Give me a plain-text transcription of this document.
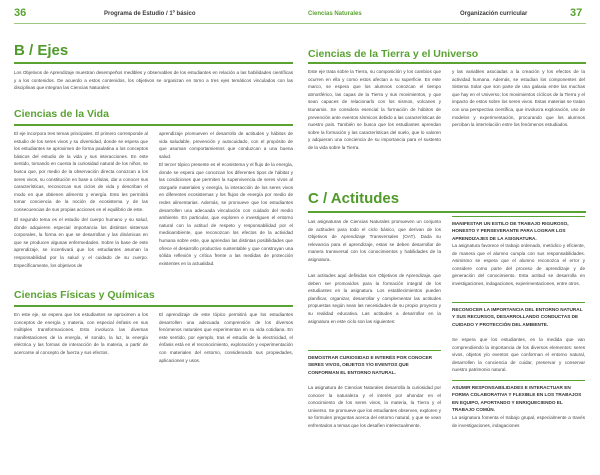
36	Programa de Estudio / 1º básico
B / Ejes

Los Objetivos de Aprendizaje muestran desempeños medibles y observables de los estudiantes en relación a las habilidades científicas y a los contenidos. De acuerdo a estos contenidos, los objetivos se organizan en torno a tres ejes temáticos vinculados con las disciplinas que integran las Ciencias Naturales:

Ciencias de la Vida

El eje incorpora tres temas principales. El primero corresponde al estudio de los seres vivos y su diversidad, donde se espera que los estudiantes se aproximen de forma paulatina a los conceptos básicos del estudio de la vida y sus interacciones. En este sentido, tomando en cuenta la curiosidad natural de los niños, se busca que, por medio de la observación directa conozcan a los seres vivos, su constitución en base a células, dar a conocer sus características, reconozcan sus ciclos de vida y describan el modo en que obtienen alimento y energía. Esto les permitirá tomar conciencia de la noción de ecosistema y de las consecuencias de sus propias acciones en el equilibrio de este.

El segundo tema es el estudio del cuerpo humano y su salud, donde adquieren especial importancia los distintos sistemas corporales, la forma en que se desarrollan y las dinámicas en que se producen algunas enfermedades. Sobre la base de este aprendizaje, se incentivará que los estudiantes asuman la responsabilidad por la salud y el cuidado de su cuerpo. Específicamente, los objetivos de

aprendizaje promueven el desarrollo de actitudes y hábitos de vida saludable, prevención y autocuidado, con el propósito de que asuman comportamientos que conduzcan a una buena salud.

El tercer tópico presente es el ecosistema y el flujo de la energía, donde se espera que conozcan los diferentes tipos de hábitat y las condiciones que permiten la supervivencia de seres vivos al otorgarle materiales y energía, la interacción de los seres vivos en diferentes ecosistemas y los flujos de energía por medio de redes alimentarias. Además, se promueve que los estudiantes desarrollen una adecuada vinculación con cuidado del medio ambiente. En particular, que exploren e investiguen el entorno natural con la actitud de respeto y responsabilidad por el medioambiente, que reconozcan los efectos de la actividad humana sobre este, que aprendan las distintas posibilidades que ofrece el desarrollo productivo sustentable y que construyan una sólida reflexión y crítica frente a las medidas de protección existentes en la actualidad.

Ciencias Físicas y Químicas

En este eje, se espera que los estudiantes se aproximen a los conceptos de energía y materia, con especial énfasis en sus múltiples transformaciones. Esto involucra las diversas manifestaciones de la energía, el sonido, la luz, la energía eléctrica y las formas de interacción de la materia, a partir de acercarse al concepto de fuerza y sus efectos.

El aprendizaje de este tópico permitirá que los estudiantes desarrollen una adecuada comprensión de los diversos fenómenos naturales que experimentan en su vida cotidiana. En este sentido, por ejemplo, tras el estudio de la electricidad, el énfasis está en el reconocimiento, exploración y experimentación con materiales del entorno, considerando sus propiedades, aplicaciones y usos.

Ciencias Naturales	Organización curricular	37
Ciencias de la Tierra y el Universo

Este eje trata sobre la Tierra, su composición y los cambios que ocurren en ella y como estos afectan a su superficie. En este marco, se espera que los alumnos conozcan el tiempo atmosférico, las capas de la Tierra y sus movimientos, y que sean capaces de relacionarlo con los sismos, volcanes y tsunamis. Se considera esencial la formación de hábitos de prevención ante eventos sísmicos debido a las características de nuestro país. También se busca que los estudiantes aprendan sobre la formación y las características del suelo, que lo valoren y adquieran una conciencia de su importancia para el sustento de la vida sobre la Tierra.

y las variables asociadas a la creación y los efectos de la actividad humana. Además, se estudian los componentes del Sistema Solar que son parte de una galaxia entre las muchas que hay en el Universo; los movimientos cíclicos de la Tierra y el impacto de estos sobre los seres vivos. Estas materias se tratan con una perspectiva científica, que involucra exploración, uso de modelos y experimentación, procurando que los alumnos perciban la interrelación entre los fenómenos estudiados.

C / Actitudes

Las asignaturas de Ciencias Naturales promueven un conjunto de actitudes para todo el ciclo básico, que derivan de los Objetivos de Aprendizaje Transversales (OAT). Dada su relevancia para el aprendizaje, estas se deben desarrollar de manera transversal con los conocimientos y habilidades de la asignatura.

Las actitudes aquí definidas son Objetivos de Aprendizaje, que deben ser promovidos para la formación integral de los estudiantes en la asignatura. Los establecimientos pueden planificar, organizar, desarrollar y complementar las actitudes propuestas según sean las necesidades de su propio proyecto y su realidad educativa. Las actitudes a desarrollar en la asignatura en este ciclo son las siguientes:

DEMOSTRAR CURIOSIDAD E INTERÉS POR CONOCER SERES VIVOS, OBJETOS Y/O EVENTOS QUE CONFORMAN EL ENTORNO NATURAL.

La asignatura de Ciencias Naturales desarrolla la curiosidad por conocer la naturaleza y el interés por ahondar en el conocimiento de los seres vivos, la materia, la Tierra y el Universo. Se promueve que los estudiantes observen, exploren y se formulen preguntas acerca del entorno natural, y que se vean enfrentados a temas que los desafíen intelectualmente.

MANIFESTAR UN ESTILO DE TRABAJO RIGUROSO, HONESTO Y PERSEVERANTE PARA LOGRAR LOS APRENDIZAJES DE LA ASIGNATURA.

La asignatura favorece el trabajo ordenado, metódico y eficiente, de manera que el alumno cumpla con sus responsabilidades. Asimismo se espera que el alumno reconozca el error y considere como parte del proceso de aprendizaje y de generación del conocimiento. Esta actitud se desarrolla en investigaciones, indagaciones, experimentaciones, entre otros.

RECONOCER LA IMPORTANCIA DEL ENTORNO NATURAL Y SUS RECURSOS, DESARROLLANDO CONDUCTAS DE CUIDADO Y PROTECCIÓN DEL AMBIENTE.

Se espera que los estudiantes, en la medida que van comprendiendo la importancia de los diversos elementos: seres vivos, objetos y/o eventos que conforman el entorno natural, desarrollen la conciencia de cuidar, preservar y conservar nuestro patrimonio natural.

ASUMIR RESPONSABILIDADES E INTERACTUAR EN FORMA COLABORATIVA Y FLEXIBLE EN LOS TRABAJOS EN EQUIPO, APORTANDO Y ENRIQUECIENDO EL TRABAJO COMÚN.

La asignatura fomenta el trabajo grupal, especialmente a través de investigaciones, indagaciones
